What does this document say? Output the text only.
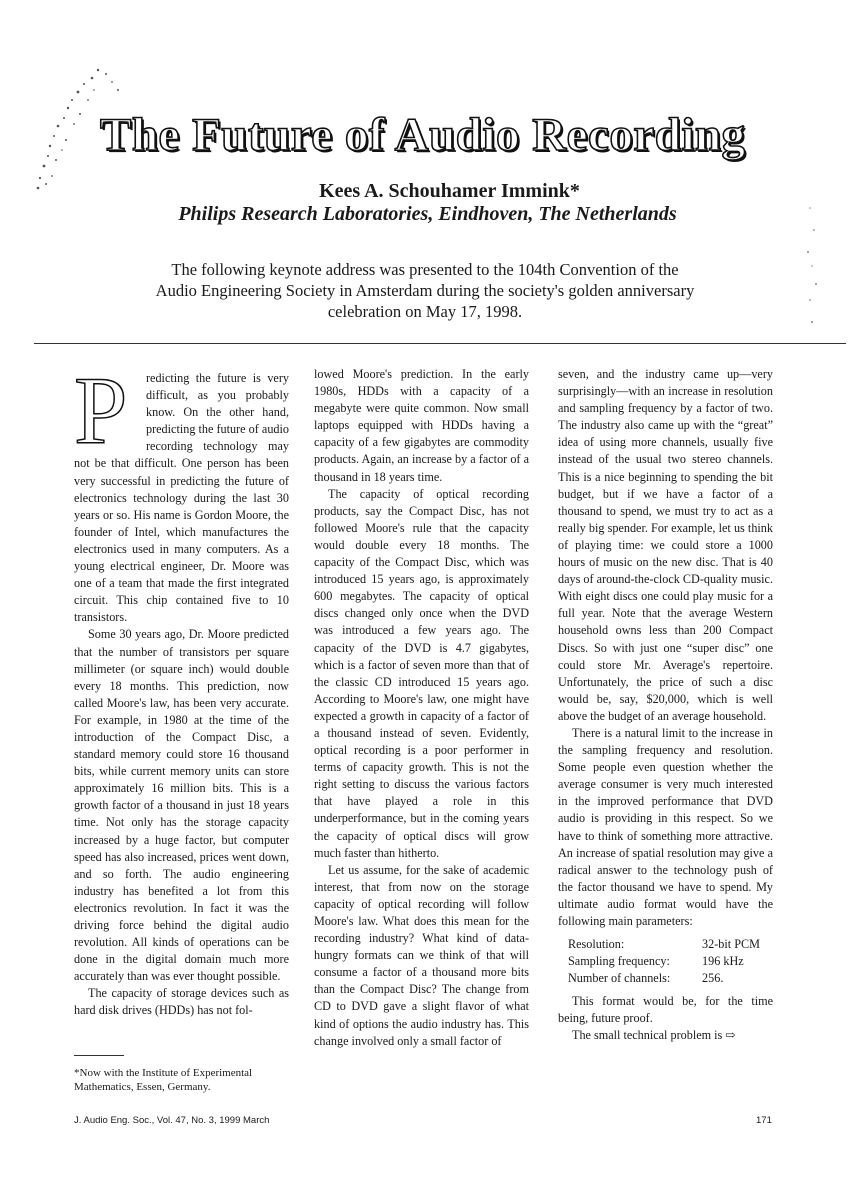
The Future of Audio Recording
Kees A. Schouhamer Immink*
Philips Research Laboratories, Eindhoven, The Netherlands
The following keynote address was presented to the 104th Convention of the Audio Engineering Society in Amsterdam during the society's golden anniversary celebration on May 17, 1998.
P	redicting the future is very difficult, as you probably know. On the other hand, predicting the future of audio recording technology may not be that difficult. One person has been very successful in predicting the future of electronics technology during the last 30 years or so. His name is Gordon Moore, the founder of Intel, which manufactures the electronics used in many computers. As a young electrical engineer, Dr. Moore was one of a team that made the first integrated circuit. This chip contained five to 10 transistors.

Some 30 years ago, Dr. Moore predicted that the number of transistors per square millimeter (or square inch) would double every 18 months. This prediction, now called Moore's law, has been very accurate. For example, in 1980 at the time of the introduction of the Compact Disc, a standard memory could store 16 thousand bits, while current memory units can store approximately 16 million bits. This is a growth factor of a thousand in just 18 years time. Not only has the storage capacity increased by a huge factor, but computer speed has also increased, prices went down, and so forth. The audio engineering industry has benefited a lot from this electronics revolution. In fact it was the driving force behind the digital audio revolution. All kinds of operations can be done in the digital domain much more accurately than was ever thought possible.

The capacity of storage devices such as hard disk drives (HDDs) has not fol-

lowed Moore's prediction. In the early 1980s, HDDs with a capacity of a megabyte were quite common. Now small laptops equipped with HDDs having a capacity of a few gigabytes are commodity products. Again, an increase by a factor of a thousand in 18 years time.

The capacity of optical recording products, say the Compact Disc, has not followed Moore's rule that the capacity would double every 18 months. The capacity of the Compact Disc, which was introduced 15 years ago, is approximately 600 megabytes. The capacity of optical discs changed only once when the DVD was introduced a few years ago. The capacity of the DVD is 4.7 gigabytes, which is a factor of seven more than that of the classic CD introduced 15 years ago. According to Moore's law, one might have expected a growth in capacity of a factor of a thousand instead of seven. Evidently, optical recording is a poor performer in terms of capacity growth. This is not the right setting to discuss the various factors that have played a role in this underperformance, but in the coming years the capacity of optical discs will grow much faster than hitherto.

Let us assume, for the sake of academic interest, that from now on the storage capacity of optical recording will follow Moore's law. What does this mean for the recording industry? What kind of data-hungry formats can we think of that will consume a factor of a thousand more bits than the Compact Disc? The change from CD to DVD gave a slight flavor of what kind of options the audio industry has. This change involved only a small factor of

seven, and the industry came up—very surprisingly—with an increase in resolution and sampling frequency by a factor of two. The industry also came up with the “great” idea of using more channels, usually five instead of the usual two stereo channels. This is a nice beginning to spending the bit budget, but if we have a factor of a thousand to spend, we must try to act as a really big spender. For example, let us think of playing time: we could store a 1000 hours of music on the new disc. That is 40 days of around-the-clock CD-quality music. With eight discs one could play music for a full year. Note that the average Western household owns less than 200 Compact Discs. So with just one “super disc” one could store Mr. Average's repertoire. Unfortunately, the price of such a disc would be, say, $20,000, which is well above the budget of an average household.

There is a natural limit to the increase in the sampling frequency and resolution. Some people even question whether the average consumer is very much interested in the improved performance that DVD audio is providing in this respect. So we have to think of something more attractive. An increase of spatial resolution may give a radical answer to the technology push of the factor thousand we have to spend. My ultimate audio format would have the following main parameters:

Resolution:	32-bit PCM
Sampling frequency:	196 kHz
Number of channels:	256.

This format would be, for the time being, future proof.

The small technical problem is ⇨

*Now with the Institute of Experimental Mathematics, Essen, Germany.
J. Audio Eng. Soc., Vol. 47, No. 3, 1999 March	171
